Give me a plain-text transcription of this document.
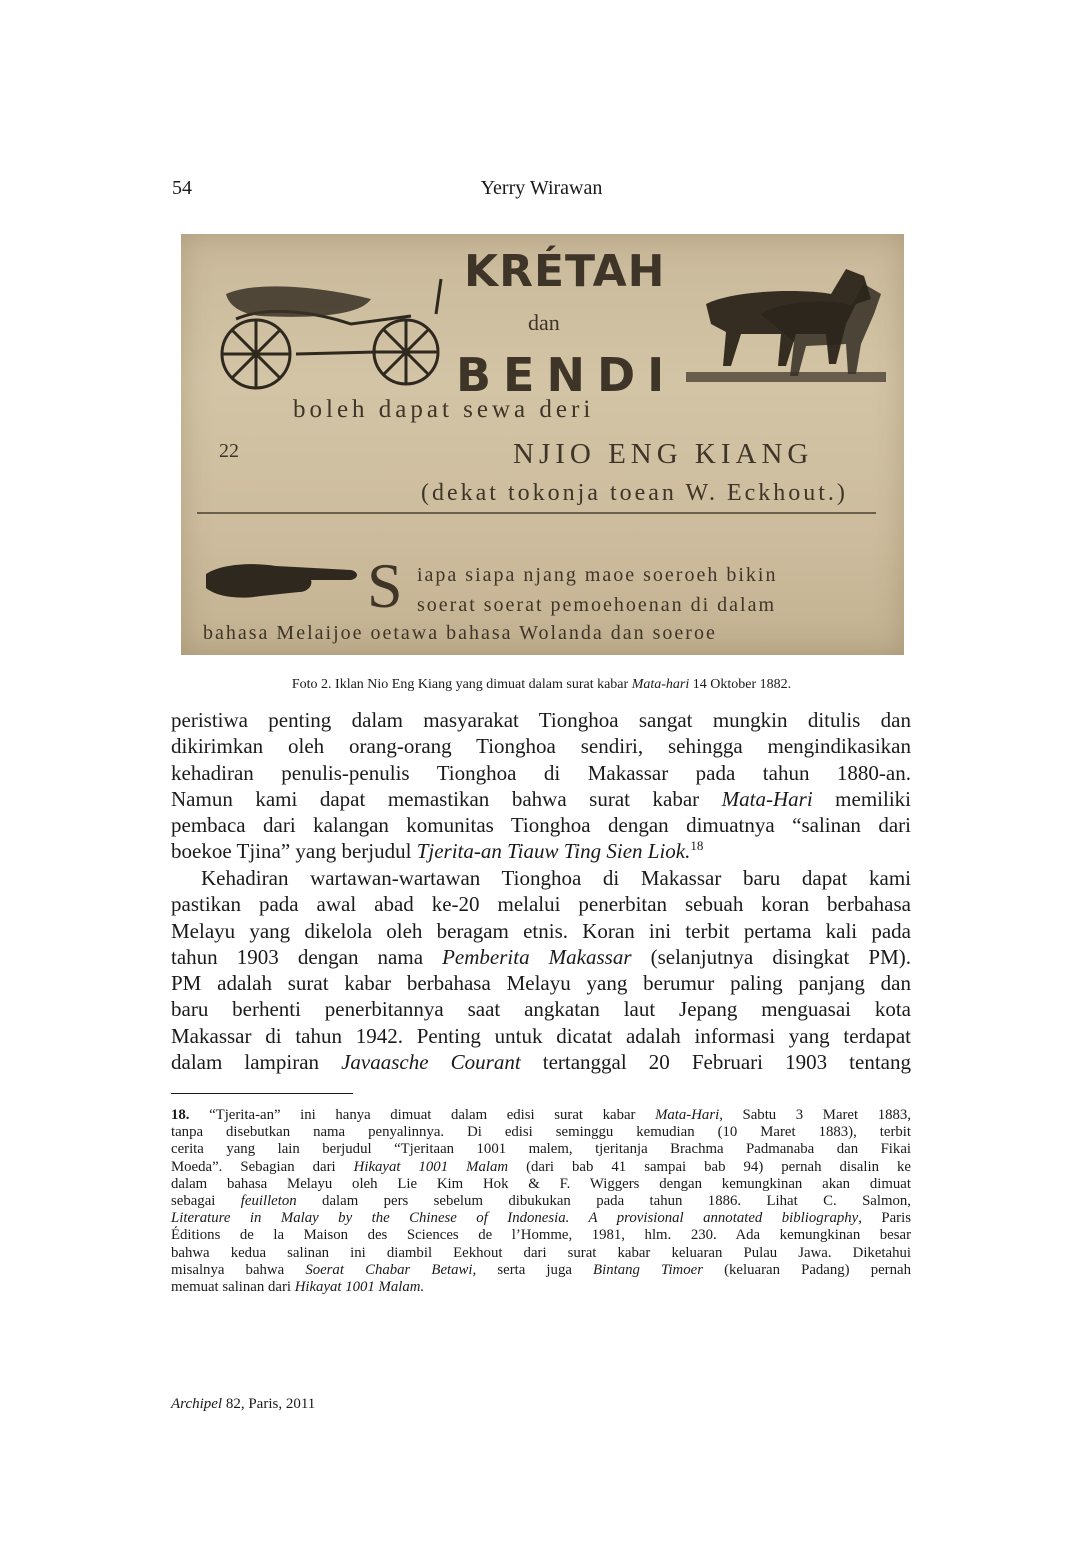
54	Yerry Wirawan
KRÉTAH
dan
BENDI
boleh dapat sewa deri
22	NJIO ENG KIANG
(dekat tokonja toean W. Eckhout.)
S iapa siapa njang maoe soeroeh bikin
soerat soerat pemoehoenan di dalam
bahasa Melaijoe oetawa bahasa Wolanda dan soeroe
Foto 2. Iklan Nio Eng Kiang yang dimuat dalam surat kabar Mata-hari 14 Oktober 1882.
peristiwa penting dalam masyarakat Tionghoa sangat mungkin ditulis dan
dikirimkan oleh orang-orang Tionghoa sendiri, sehingga mengindikasikan
kehadiran penulis-penulis Tionghoa di Makassar pada tahun 1880-an.
Namun kami dapat memastikan bahwa surat kabar Mata-Hari memiliki
pembaca dari kalangan komunitas Tionghoa dengan dimuatnya “salinan dari
boekoe Tjina” yang berjudul Tjerita-an Tiauw Ting Sien Liok.$^{18}$
Kehadiran wartawan-wartawan Tionghoa di Makassar baru dapat kami
pastikan pada awal abad ke-20 melalui penerbitan sebuah koran berbahasa
Melayu yang dikelola oleh beragam etnis. Koran ini terbit pertama kali pada
tahun 1903 dengan nama Pemberita Makassar (selanjutnya disingkat PM).
PM adalah surat kabar berbahasa Melayu yang berumur paling panjang dan
baru berhenti penerbitannya saat angkatan laut Jepang menguasai kota
Makassar di tahun 1942. Penting untuk dicatat adalah informasi yang terdapat
dalam lampiran Javaasche Courant tertanggal 20 Februari 1903 tentang
18. “Tjerita-an” ini hanya dimuat dalam edisi surat kabar Mata-Hari, Sabtu 3 Maret 1883,
tanpa disebutkan nama penyalinnya. Di edisi seminggu kemudian (10 Maret 1883), terbit
cerita yang lain berjudul “Tjeritaan 1001 malem, tjeritanja Brachma Padmanaba dan Fikai
Moeda”. Sebagian dari Hikayat 1001 Malam (dari bab 41 sampai bab 94) pernah disalin ke
dalam bahasa Melayu oleh Lie Kim Hok & F. Wiggers dengan kemungkinan akan dimuat
sebagai feuilleton dalam pers sebelum dibukukan pada tahun 1886. Lihat C. Salmon,
Literature in Malay by the Chinese of Indonesia. A provisional annotated bibliography, Paris
Éditions de la Maison des Sciences de l’Homme, 1981, hlm. 230. Ada kemungkinan besar
bahwa kedua salinan ini diambil Eekhout dari surat kabar keluaran Pulau Jawa. Diketahui
misalnya bahwa Soerat Chabar Betawi, serta juga Bintang Timoer (keluaran Padang) pernah
memuat salinan dari Hikayat 1001 Malam.
Archipel 82, Paris, 2011
